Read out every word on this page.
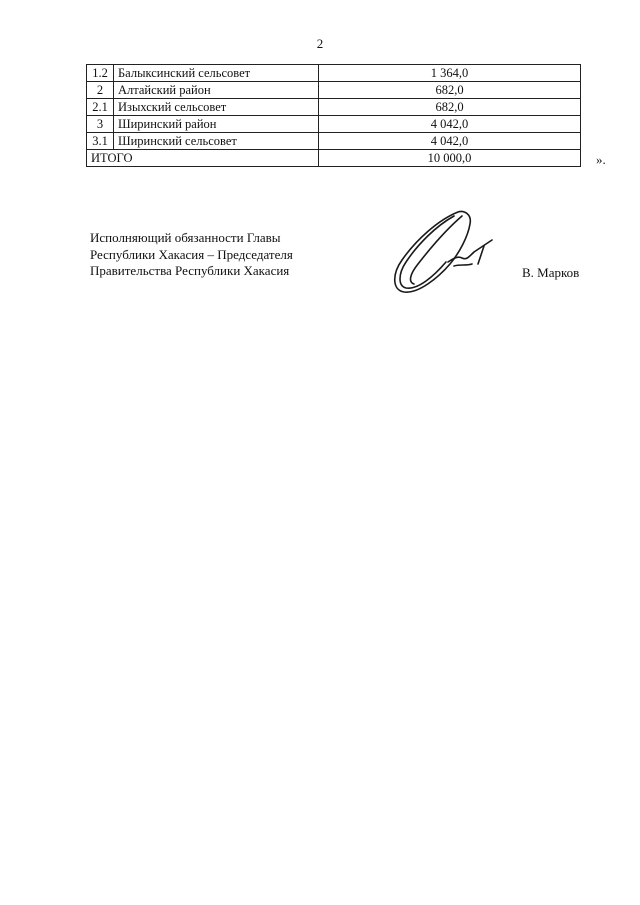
2
1.2	Балыксинский сельсовет	1 364,0
2	Алтайский район	682,0
2.1	Изыхский сельсовет	682,0
3	Ширинский район	4 042,0
3.1	Ширинский сельсовет	4 042,0
ИТОГО		10 000,0	».
Исполняющий обязанности Главы
Республики Хакасия – Председателя
Правительства Республики Хакасия	В. Марков
